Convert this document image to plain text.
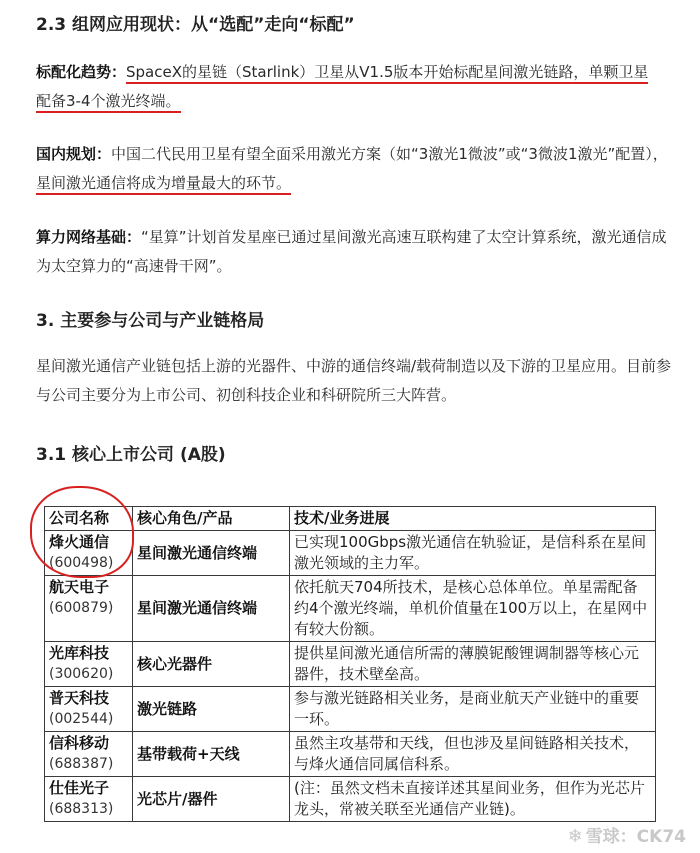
2.3 组网应用现状：从“选配”走向“标配”
标配化趋势：SpaceX的星链（Starlink）卫星从V1.5版本开始标配星间激光链路，单颗卫星
配备3-4个激光终端。
国内规划：中国二代民用卫星有望全面采用激光方案（如“3激光1微波”或“3微波1激光”配置），星间激光通信将成为增量最大的环节。
算力网络基础：“星算”计划首发星座已通过星间激光高速互联构建了太空计算系统，激光通信成为太空算力的“高速骨干网”。
3. 主要参与公司与产业链格局
星间激光通信产业链包括上游的光器件、中游的通信终端/载荷制造以及下游的卫星应用。目前参与公司主要分为上市公司、初创科技企业和科研院所三大阵营。
3.1 核心上市公司 (A股)
公司名称	核心角色/产品	技术/业务进展

烽火通信
(600498)	星间激光通信终端	已实现100Gbps激光通信在轨验证，是信科系在星间激光领域的主力军。

航天电子
(600879)	星间激光通信终端	依托航天704所技术，是核心总体单位。单星需配备约4个激光终端，单机价值量在100万以上，在星网中有较大份额。

光库科技
(300620)	核心光器件	提供星间激光通信所需的薄膜铌酸锂调制器等核心元器件，技术壁垒高。

普天科技
(002544)	激光链路	参与激光链路相关业务，是商业航天产业链中的重要一环。

信科移动
(688387)	基带载荷+天线	虽然主攻基带和天线，但也涉及星间链路相关技术，与烽火通信同属信科系。

仕佳光子
(688313)	光芯片/器件	(注：虽然文档未直接详述其星间业务，但作为光芯片龙头，常被关联至光通信产业链)。
❄ 雪球：CK74
